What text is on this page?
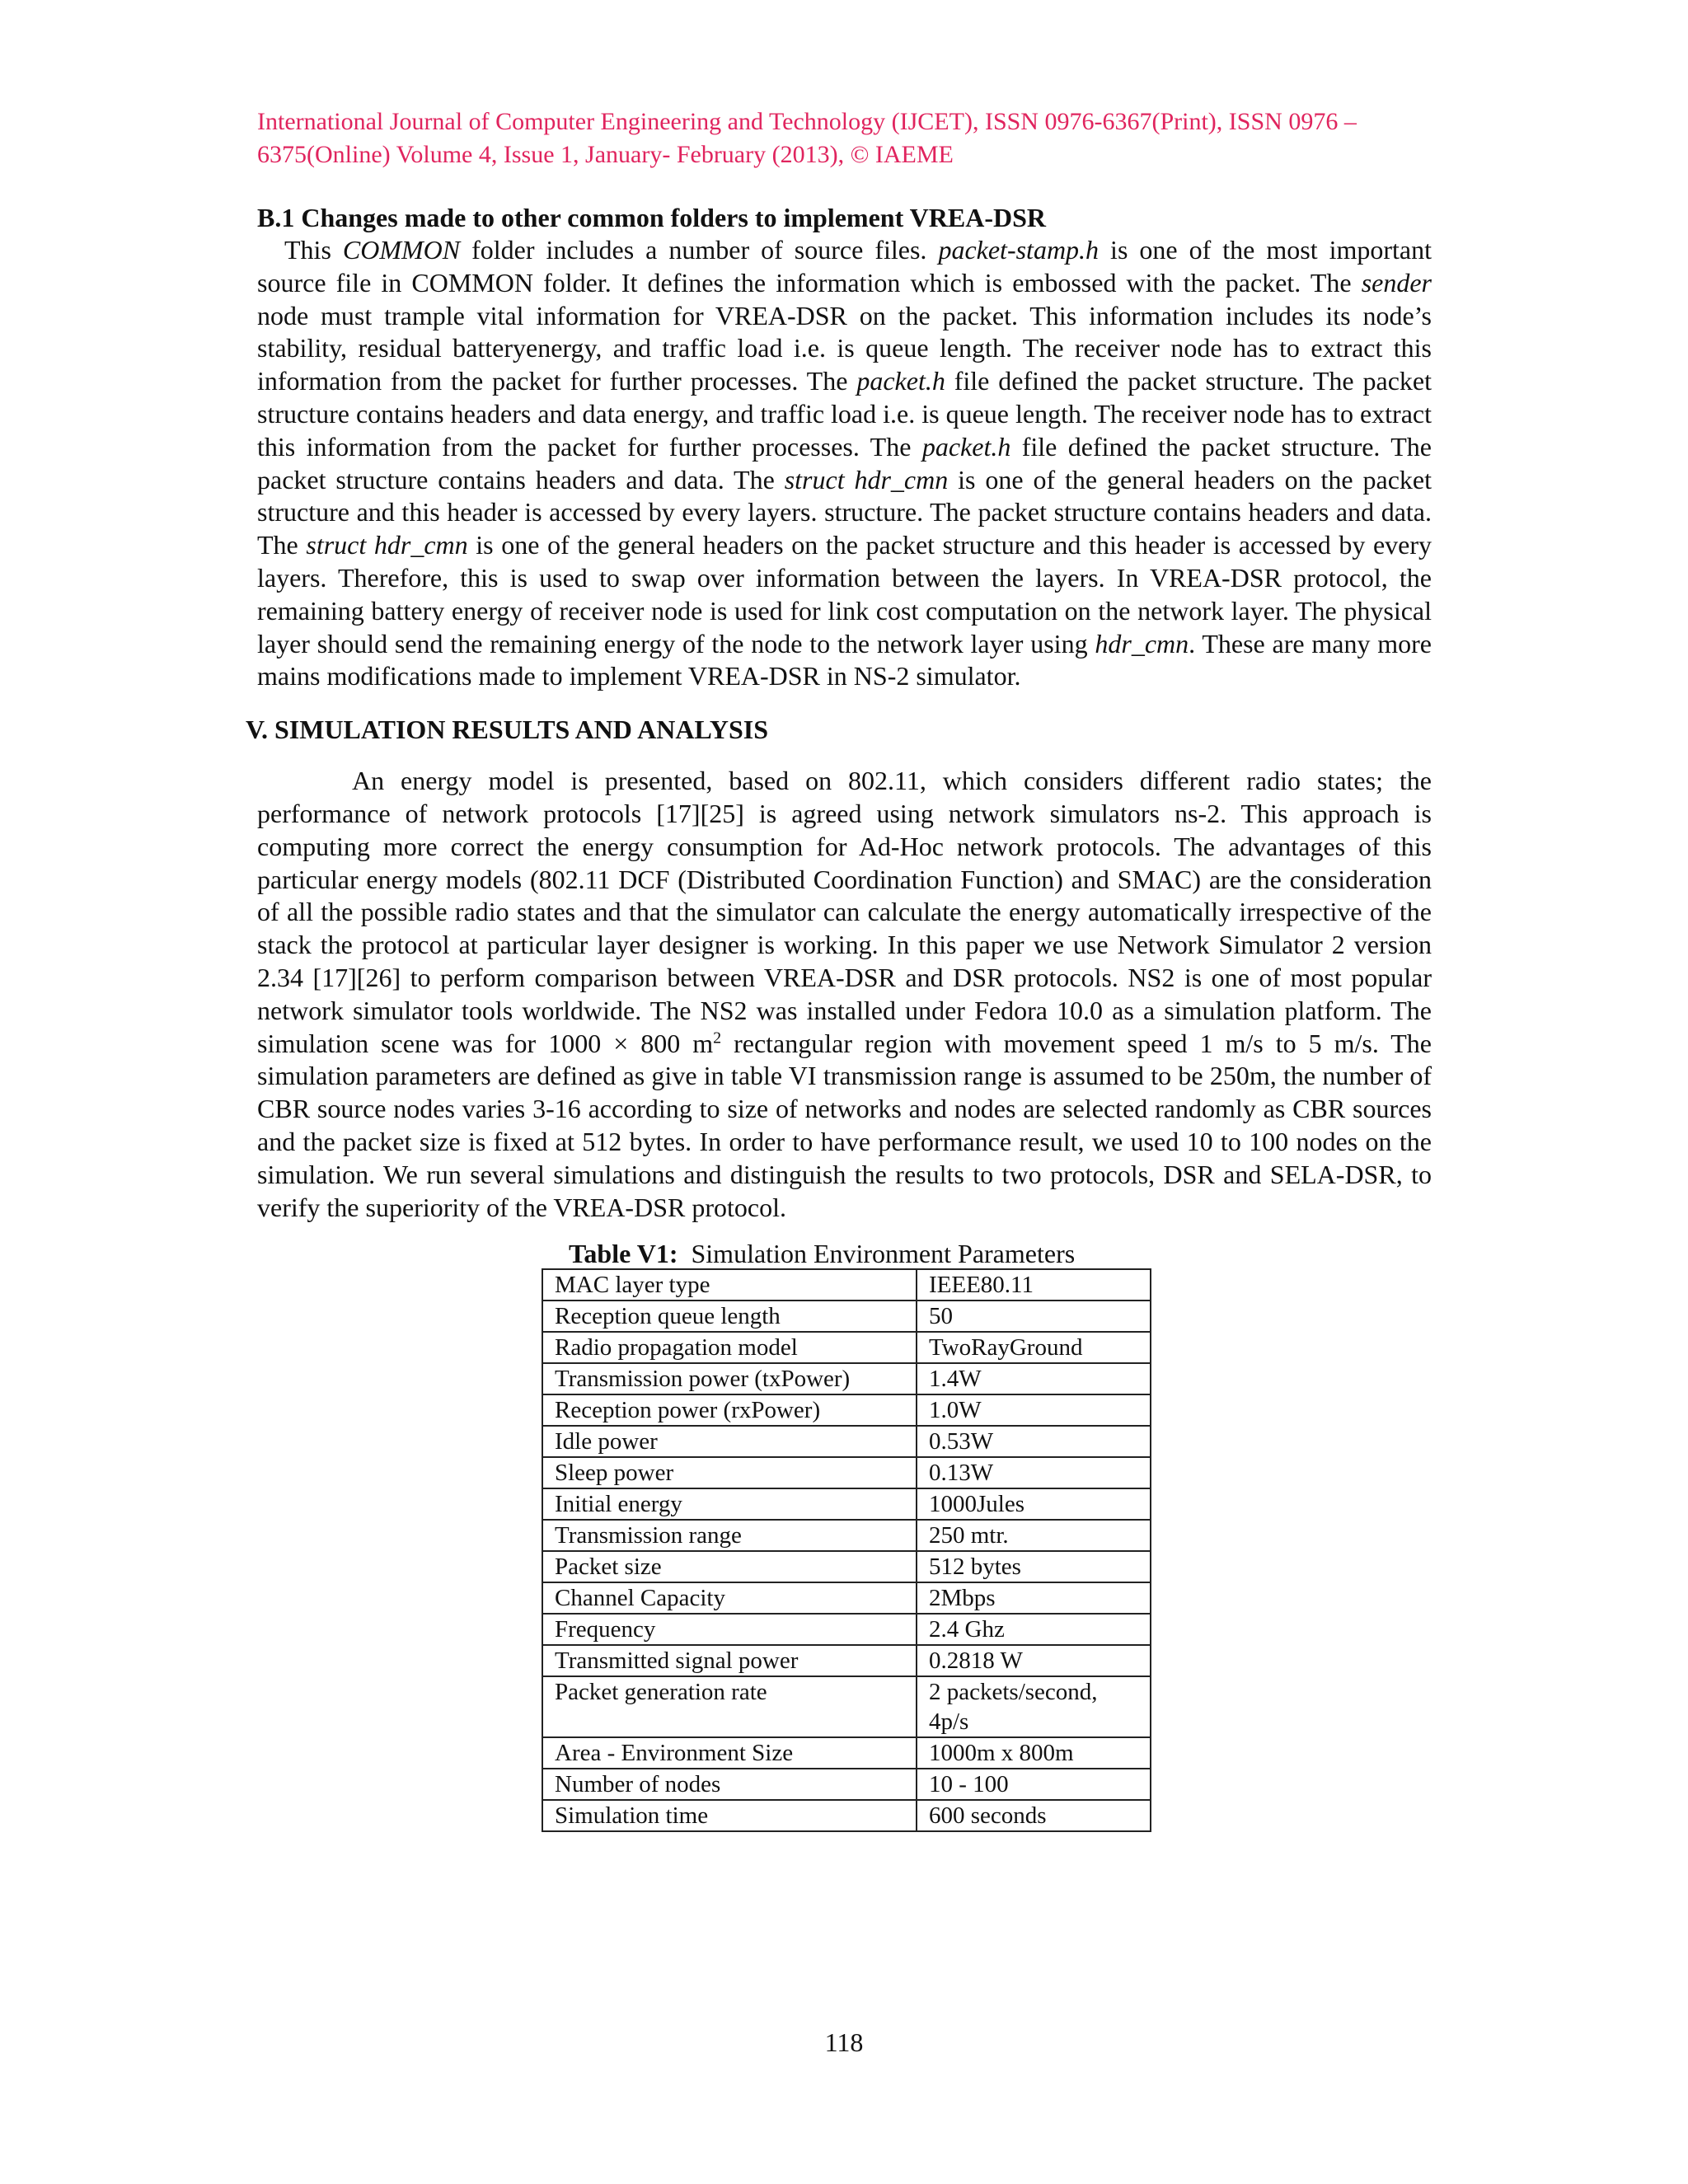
International Journal of Computer Engineering and Technology (IJCET), ISSN 0976-6367(Print), ISSN 0976 –
6375(Online) Volume 4, Issue 1, January- February (2013), © IAEME

B.1 Changes made to other common folders to implement VREA-DSR

This COMMON folder includes a number of source files. packet-stamp.h is one of the most important source file in COMMON folder. It defines the information which is embossed with the packet. The sender node must trample vital information for VREA-DSR on the packet. This information includes its node’s stability, residual batteryenergy, and traffic load i.e. is queue length. The receiver node has to extract this information from the packet for further processes. The packet.h file defined the packet structure. The packet structure contains headers and data energy, and traffic load i.e. is queue length. The receiver node has to extract this information from the packet for further processes. The packet.h file defined the packet structure. The packet structure contains headers and data. The struct hdr_cmn is one of the general headers on the packet structure and this header is accessed by every layers. structure. The packet structure contains headers and data. The struct hdr_cmn is one of the general headers on the packet structure and this header is accessed by every layers. Therefore, this is used to swap over information between the layers. In VREA-DSR protocol, the remaining battery energy of receiver node is used for link cost computation on the network layer. The physical layer should send the remaining energy of the node to the network layer using hdr_cmn. These are many more mains modifications made to implement VREA-DSR in NS-2 simulator.

V. SIMULATION RESULTS AND ANALYSIS

An energy model is presented, based on 802.11, which considers different radio states; the performance of network protocols [17][25] is agreed using network simulators ns-2. This approach is computing more correct the energy consumption for Ad-Hoc network protocols. The advantages of this particular energy models (802.11 DCF (Distributed Coordination Function) and SMAC) are the consideration of all the possible radio states and that the simulator can calculate the energy automatically irrespective of the stack the protocol at particular layer designer is working. In this paper we use Network Simulator 2 version 2.34 [17][26] to perform comparison between VREA-DSR and DSR protocols. NS2 is one of most popular network simulator tools worldwide. The NS2 was installed under Fedora 10.0 as a simulation platform. The simulation scene was for 1000 × 800 $m^2$ rectangular region with movement speed 1 m/s to 5 m/s. The simulation parameters are defined as give in table VI transmission range is assumed to be 250m, the number of CBR source nodes varies 3-16 according to size of networks and nodes are selected randomly as CBR sources and the packet size is fixed at 512 bytes. In order to have performance result, we used 10 to 100 nodes on the simulation. We run several simulations and distinguish the results to two protocols, DSR and SELA-DSR, to verify the superiority of the VREA-DSR protocol.

Table V1:  Simulation Environment Parameters
MAC layer type	IEEE80.11
Reception queue length	50
Radio propagation model	TwoRayGround
Transmission power (txPower)	1.4W
Reception power (rxPower)	1.0W
Idle power	0.53W
Sleep power	0.13W
Initial energy	1000Jules
Transmission range	250 mtr.
Packet size	512 bytes
Channel Capacity	2Mbps
Frequency	2.4 Ghz
Transmitted signal power	0.2818 W
Packet generation rate	2 packets/second, 4p/s
Area - Environment Size	1000m x 800m
Number of nodes	10 - 100
Simulation time	600 seconds
118
